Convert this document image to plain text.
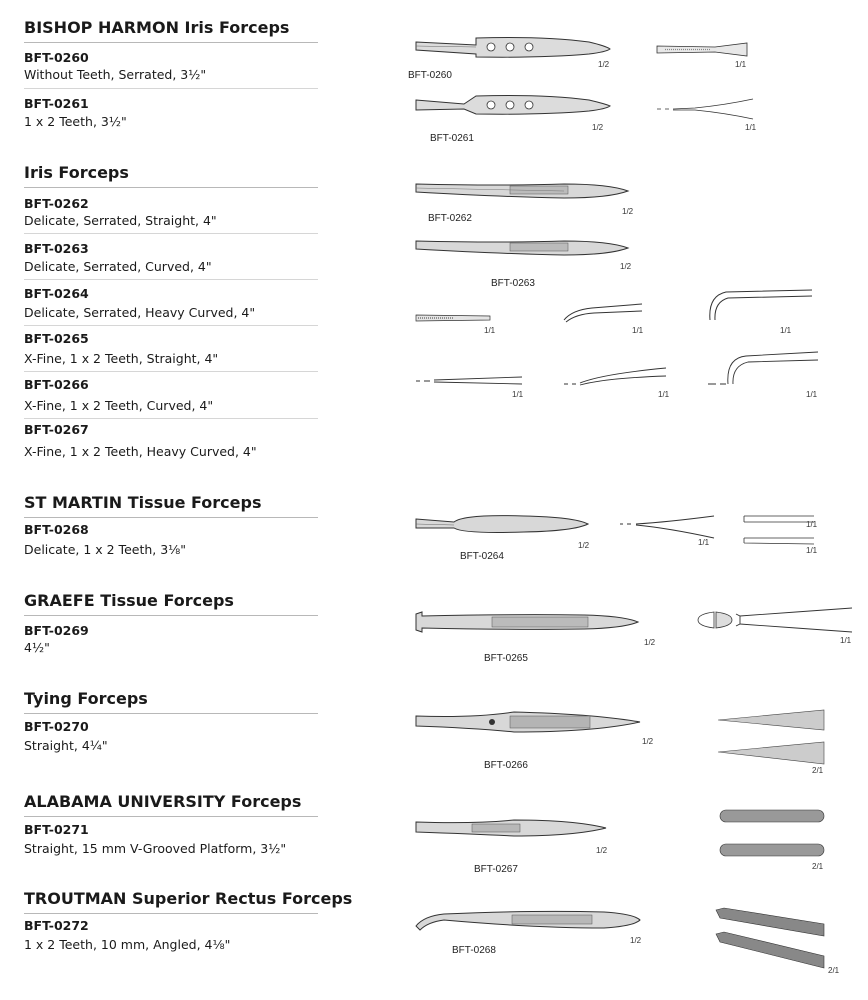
BISHOP HARMON Iris Forceps
BFT-0260
Without Teeth, Serrated, 3½"
BFT-0261
1 x 2 Teeth, 3½"
Iris Forceps
BFT-0262
Delicate, Serrated, Straight, 4"
BFT-0263
Delicate, Serrated, Curved, 4"
BFT-0264
Delicate, Serrated, Heavy Curved, 4"
BFT-0265
X-Fine, 1 x 2 Teeth, Straight, 4"
BFT-0266
X-Fine, 1 x 2 Teeth, Curved, 4"
BFT-0267
X-Fine, 1 x 2 Teeth, Heavy Curved, 4"
ST MARTIN Tissue Forceps
BFT-0268
Delicate, 1 x 2 Teeth, 3⅛"
GRAEFE Tissue Forceps
BFT-0269
4½"
Tying Forceps
BFT-0270
Straight, 4¼"
ALABAMA UNIVERSITY Forceps
BFT-0271
Straight, 15 mm V-Grooved Platform, 3½"
TROUTMAN Superior Rectus Forceps
BFT-0272
1 x 2 Teeth, 10 mm, Angled, 4⅛"
BFT-0260
1/2	1/1
BFT-0261
1/2	1/1
BFT-0262
1/2
BFT-0263
1/2
1/1	1/1	1/1
1/1	1/1	1/1
BFT-0264
1/2	1/1
1/1
1/1
BFT-0265
1/2	1/1
BFT-0266
1/2
2/1
BFT-0267
1/2
2/1
BFT-0268
1/2
2/1
